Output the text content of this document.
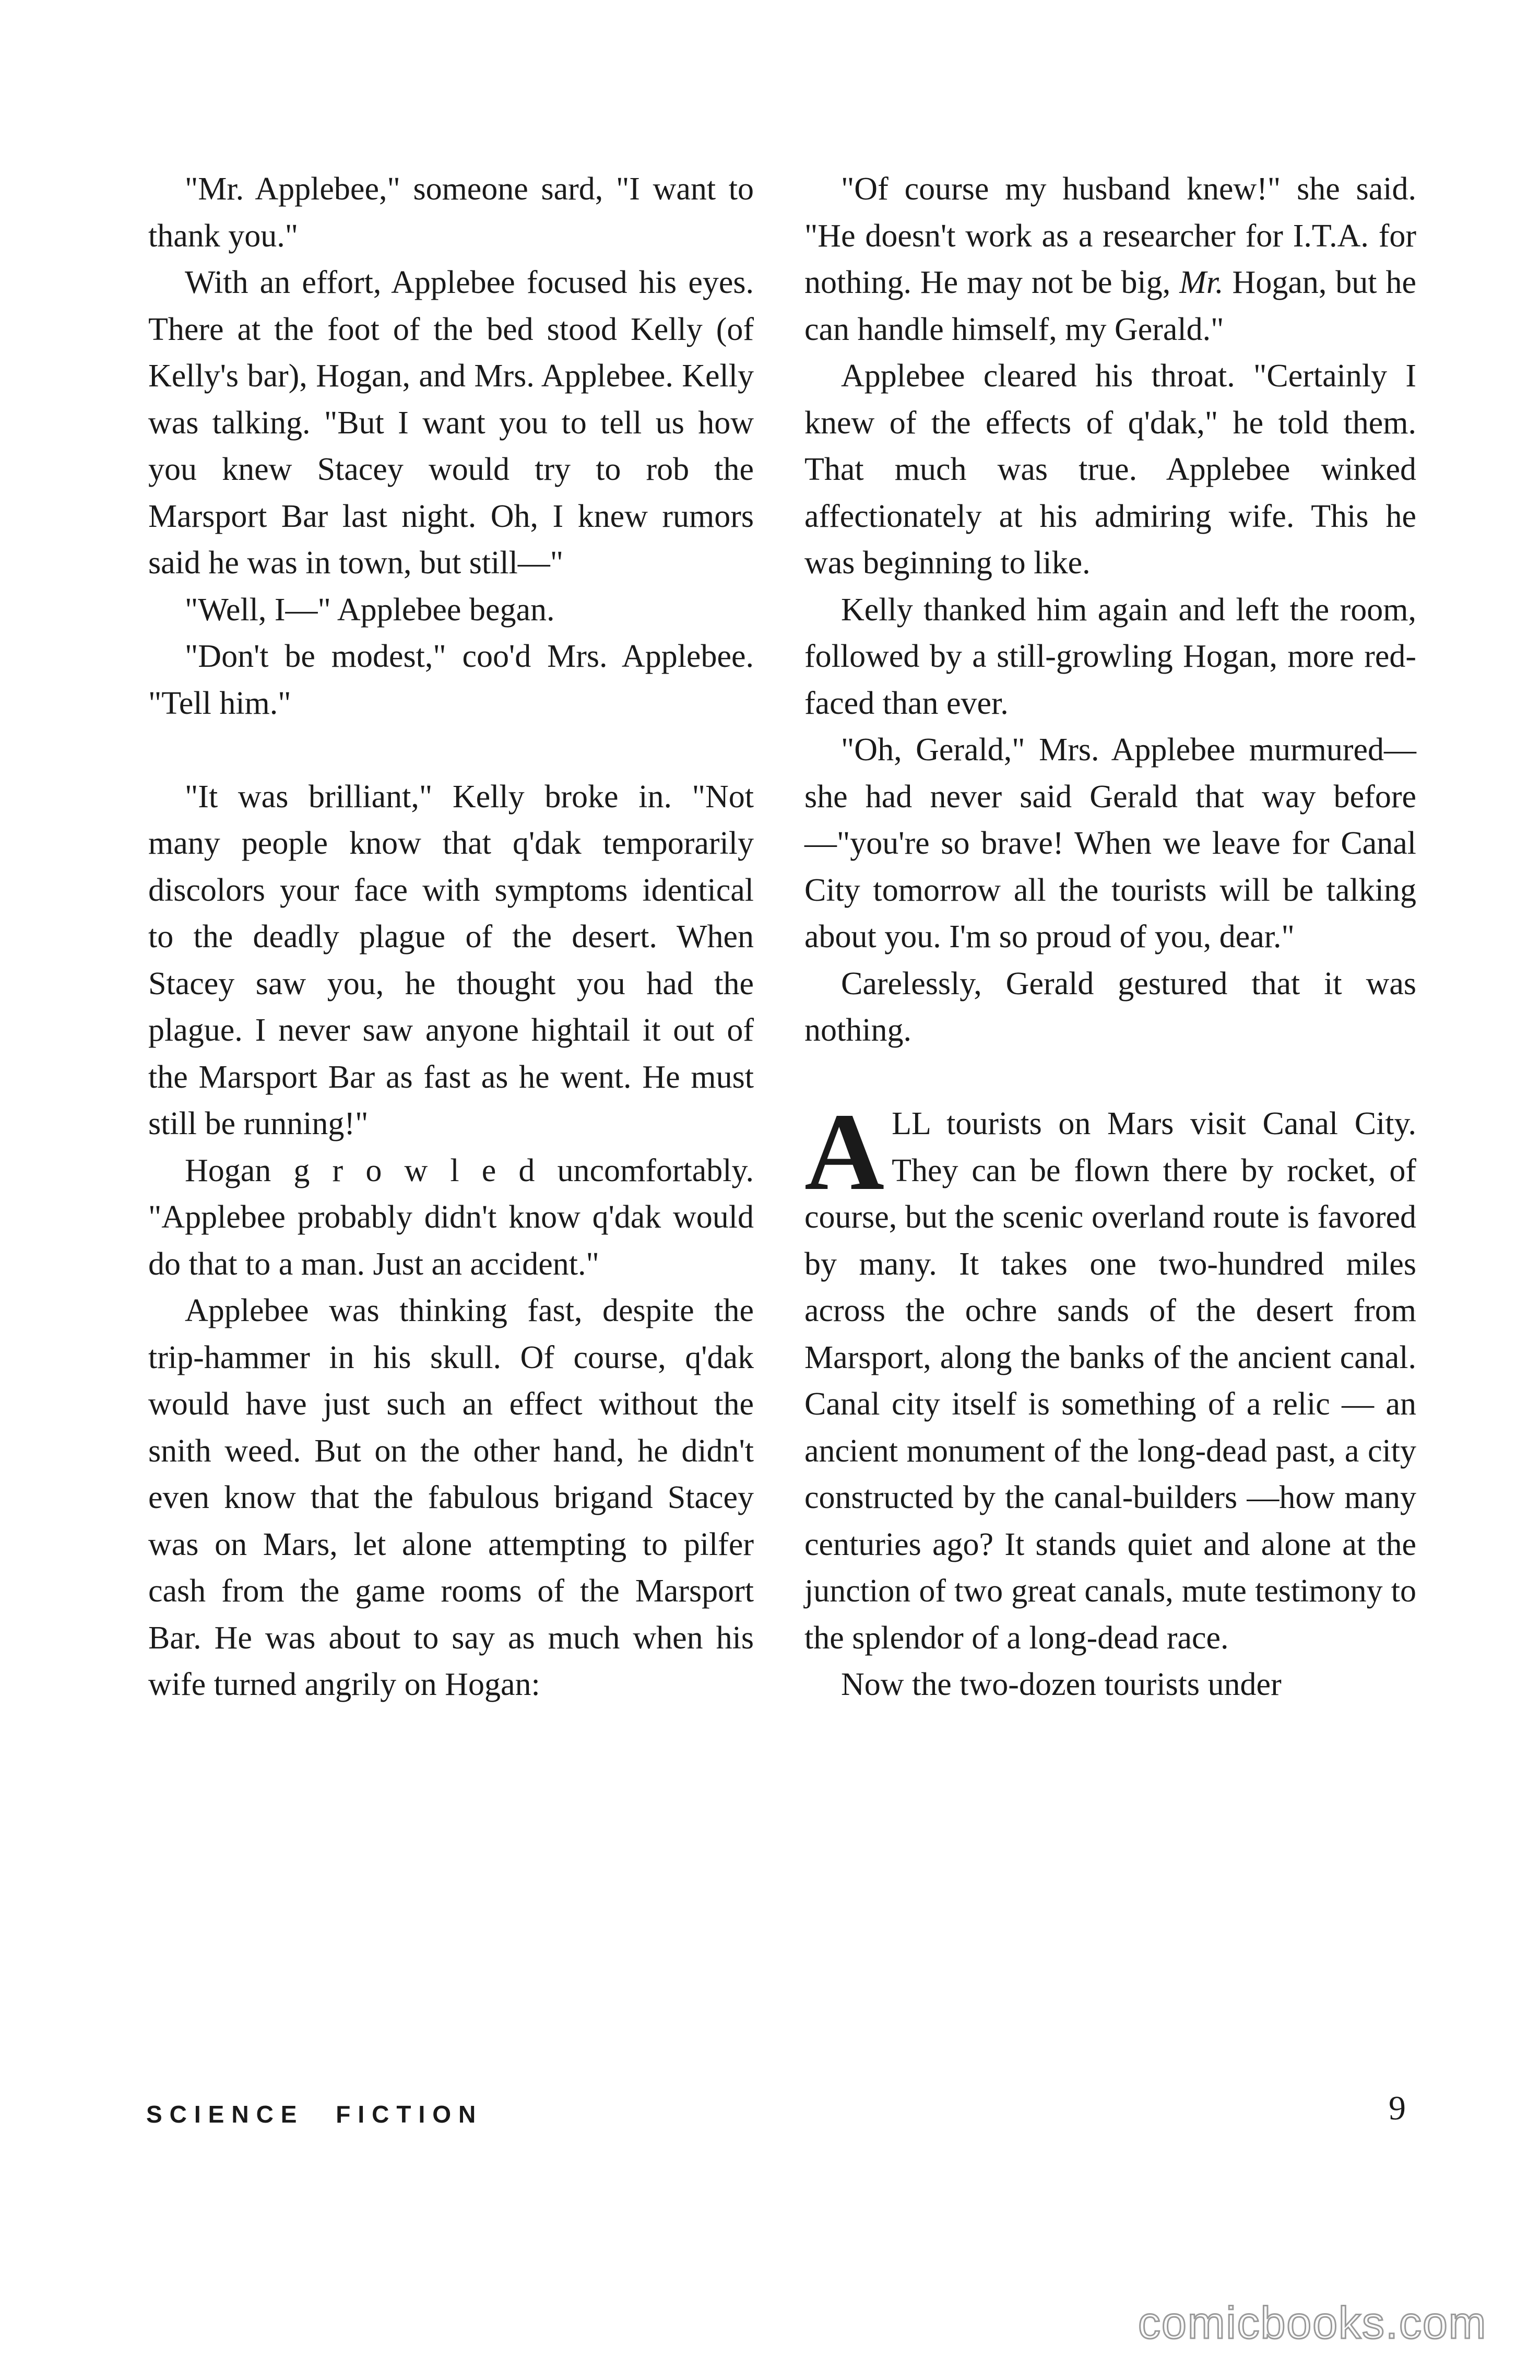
"Mr. Applebee," someone sard, "I want to thank you."

With an effort, Applebee focused his eyes. There at the foot of the bed stood Kelly (of Kelly's bar), Hogan, and Mrs. Applebee. Kelly was talking. "But I want you to tell us how you knew Stacey would try to rob the Marsport Bar last night. Oh, I knew rumors said he was in town, but still—"

"Well, I—" Applebee began.

"Don't be modest," coo'd Mrs. Applebee. "Tell him."

"It was brilliant," Kelly broke in. "Not many people know that q'dak temporarily discolors your face with symptoms identical to the deadly plague of the desert. When Stacey saw you, he thought you had the plague. I never saw anyone hightail it out of the Marsport Bar as fast as he went. He must still be running!"

Hogan g r o w l e d uncomfortably. "Applebee probably didn't know q'dak would do that to a man. Just an accident."

Applebee was thinking fast, despite the trip-hammer in his skull. Of course, q'dak would have just such an effect without the snith weed. But on the other hand, he didn't even know that the fabulous brigand Stacey was on Mars, let alone attempting to pilfer cash from the game rooms of the Marsport Bar. He was about to say as much when his wife turned angrily on Hogan:

"Of course my husband knew!" she said. "He doesn't work as a researcher for I.T.A. for nothing. He may not be big, Mr. Hogan, but he can handle himself, my Gerald."

Applebee cleared his throat. "Certainly I knew of the effects of q'dak," he told them. That much was true. Applebee winked affectionately at his admiring wife. This he was beginning to like.

Kelly thanked him again and left the room, followed by a still-growling Hogan, more red-faced than ever.

"Oh, Gerald," Mrs. Applebee murmured—she had never said Gerald that way before—"you're so brave! When we leave for Canal City tomorrow all the tourists will be talking about you. I'm so proud of you, dear."

Carelessly, Gerald gestured that it was nothing.

ALL tourists on Mars visit Canal City. They can be flown there by rocket, of course, but the scenic overland route is favored by many. It takes one two-hundred miles across the ochre sands of the desert from Marsport, along the banks of the ancient canal. Canal city itself is something of a relic — an ancient monument of the long-dead past, a city constructed by the canal-builders —how many centuries ago? It stands quiet and alone at the junction of two great canals, mute testimony to the splendor of a long-dead race.

Now the two-dozen tourists under

SCIENCE FICTION	9
comicbooks.com
